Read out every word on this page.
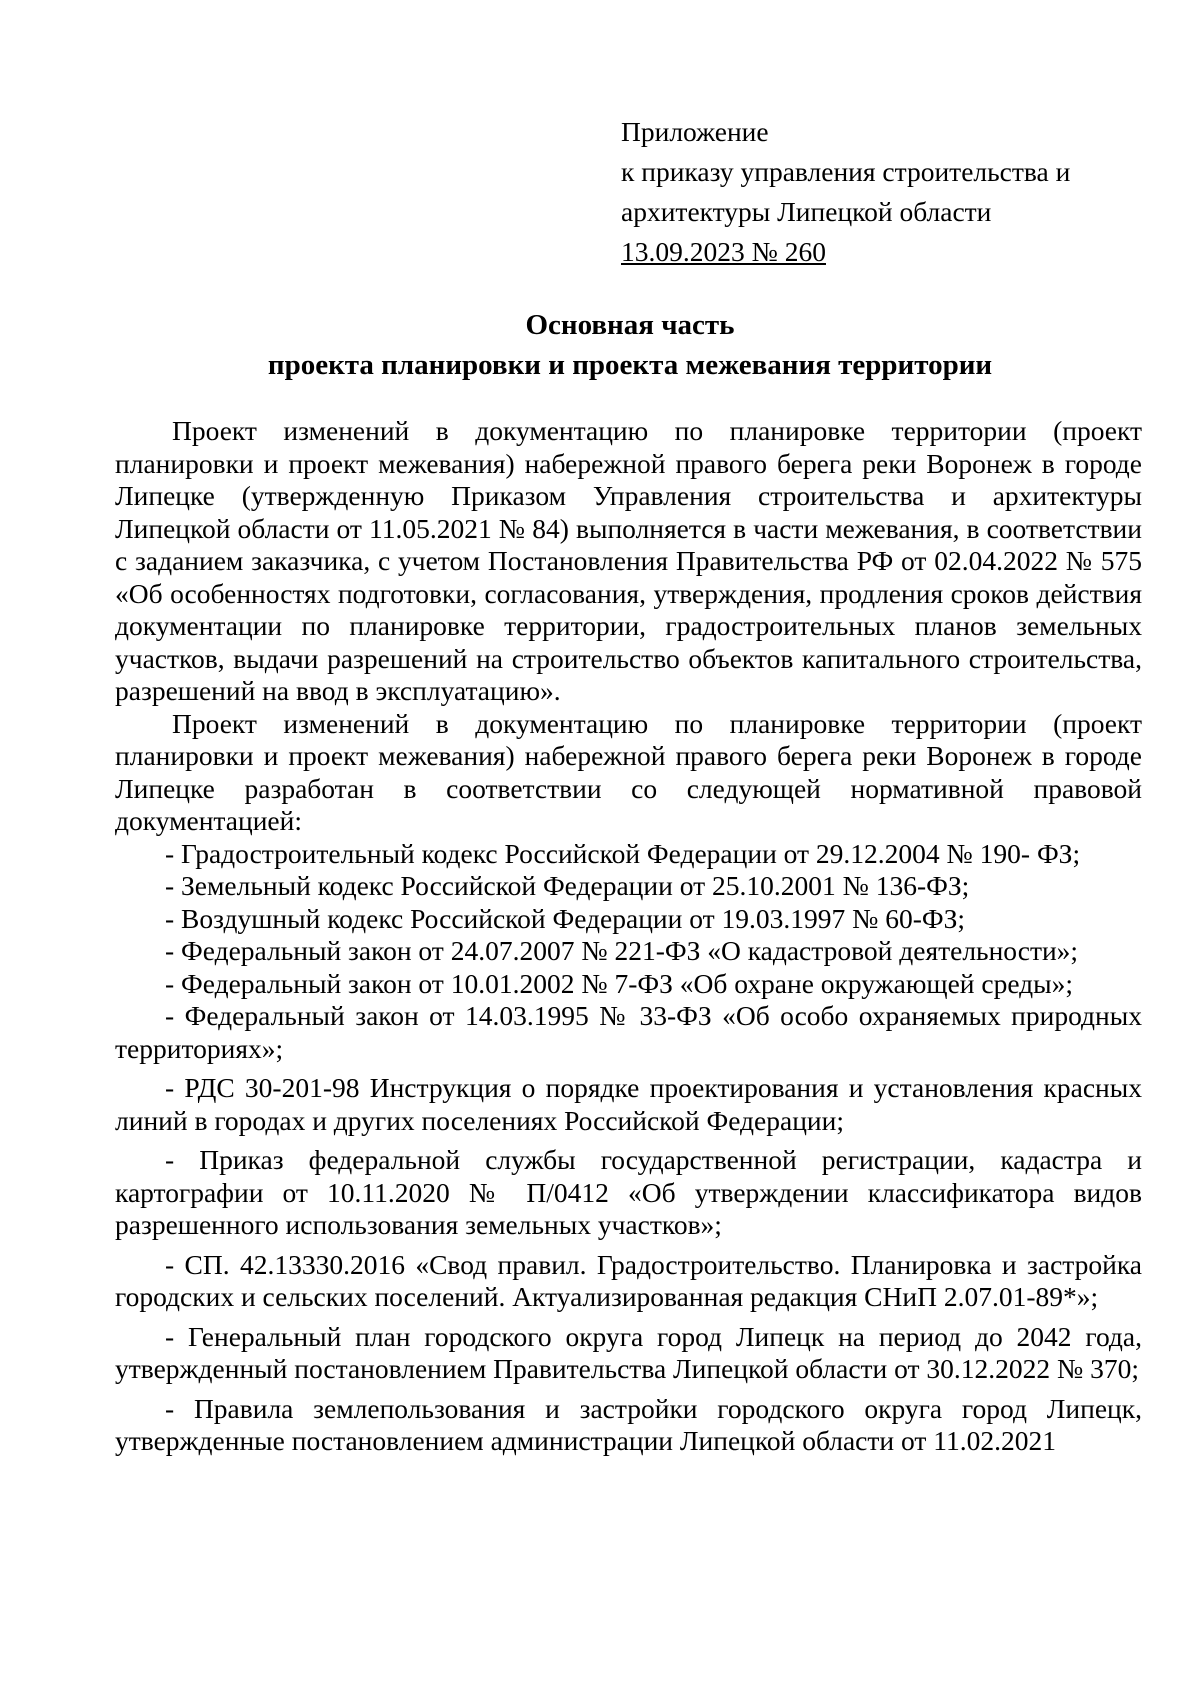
Приложение
к приказу управления строительства и
архитектуры Липецкой области
13.09.2023 № 260
Основная часть
проекта планировки и проекта межевания территории

Проект изменений в документацию по планировке территории (проект планировки и проект межевания) набережной правого берега реки Воронеж в городе Липецке (утвержденную Приказом Управления строительства и архитектуры Липецкой области от 11.05.2021 № 84) выполняется в части межевания, в соответствии с заданием заказчика, с учетом Постановления Правительства РФ от 02.04.2022 № 575 «Об особенностях подготовки, согласования, утверждения, продления сроков действия документации по планировке территории, градостроительных планов земельных участков, выдачи разрешений на строительство объектов капитального строительства, разрешений на ввод в эксплуатацию».

Проект изменений в документацию по планировке территории (проект планировки и проект межевания) набережной правого берега реки Воронеж в городе Липецке разработан в соответствии со следующей нормативной правовой документацией:

- Градостроительный кодекс Российской Федерации от 29.12.2004 № 190- ФЗ;

- Земельный кодекс Российской Федерации от 25.10.2001 № 136-ФЗ;

- Воздушный кодекс Российской Федерации от 19.03.1997 № 60-ФЗ;

- Федеральный закон от 24.07.2007 № 221-ФЗ «О кадастровой деятельности»;

- Федеральный закон от 10.01.2002 № 7-ФЗ «Об охране окружающей среды»;

- Федеральный закон от 14.03.1995 № 33-ФЗ «Об особо охраняемых природных территориях»;

- РДС 30-201-98 Инструкция о порядке проектирования и установления красных линий в городах и других поселениях Российской Федерации;

- Приказ федеральной службы государственной регистрации, кадастра и картографии от 10.11.2020 № П/0412 «Об утверждении классификатора видов разрешенного использования земельных участков»;

- СП. 42.13330.2016 «Свод правил. Градостроительство. Планировка и застройка городских и сельских поселений. Актуализированная редакция СНиП 2.07.01-89*»;

- Генеральный план городского округа город Липецк на период до 2042 года, утвержденный постановлением Правительства Липецкой области от 30.12.2022 № 370;

- Правила землепользования и застройки городского округа город Липецк, утвержденные постановлением администрации Липецкой области от 11.02.2021
